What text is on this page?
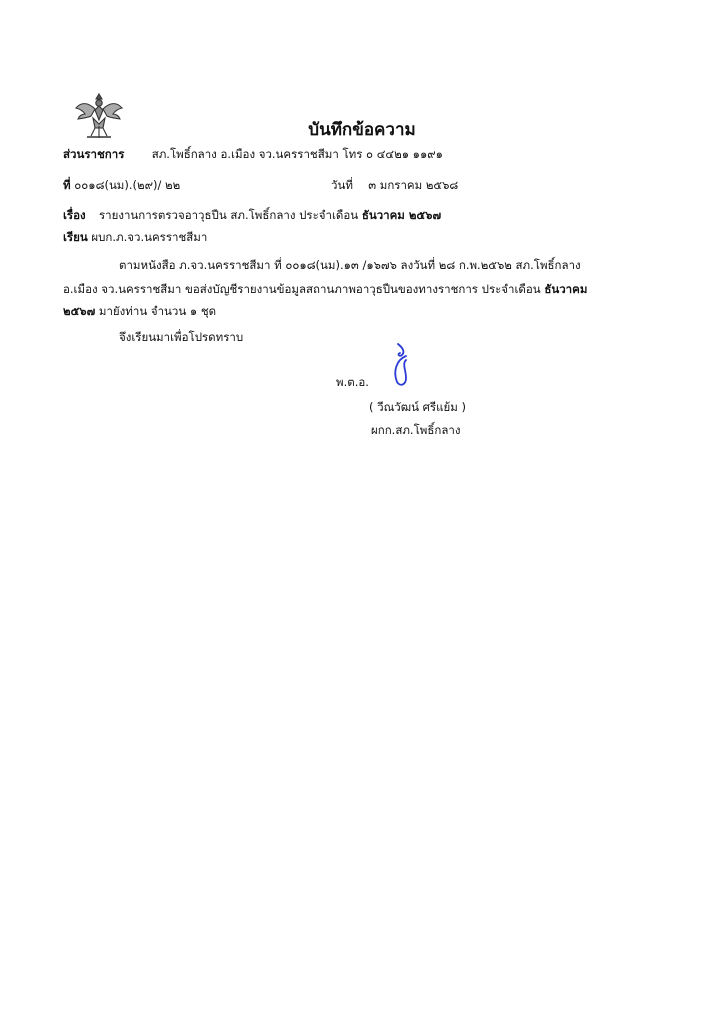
บันทึกข้อความ
ส่วนราชการ สภ.โพธิ์กลาง อ.เมือง จว.นครราชสีมา โทร ๐ ๔๔๒๑ ๑๑๙๑
ที่ ๐๐๑๘(นม).(๒๙)/ ๒๒	วันที่ ๓ มกราคม ๒๕๖๘
เรื่อง รายงานการตรวจอาวุธปืน สภ.โพธิ์กลาง ประจำเดือน ธันวาคม ๒๕๖๗
เรียน ผบก.ภ.จว.นครราชสีมา
ตามหนังสือ ภ.จว.นครราชสีมา ที่ ๐๐๑๘(นม).๑๓ /๑๖๗๖ ลงวันที่ ๒๘ ก.พ.๒๕๖๒ สภ.โพธิ์กลาง
อ.เมือง จว.นครราชสีมา ขอส่งบัญชีรายงานข้อมูลสถานภาพอาวุธปืนของทางราชการ ประจำเดือน ธันวาคม
๒๕๖๗ มายังท่าน จำนวน ๑ ชุด
จึงเรียนมาเพื่อโปรดทราบ
พ.ต.อ.
( วีณวัฒน์ ศรีแย้ม )
ผกก.สภ.โพธิ์กลาง
